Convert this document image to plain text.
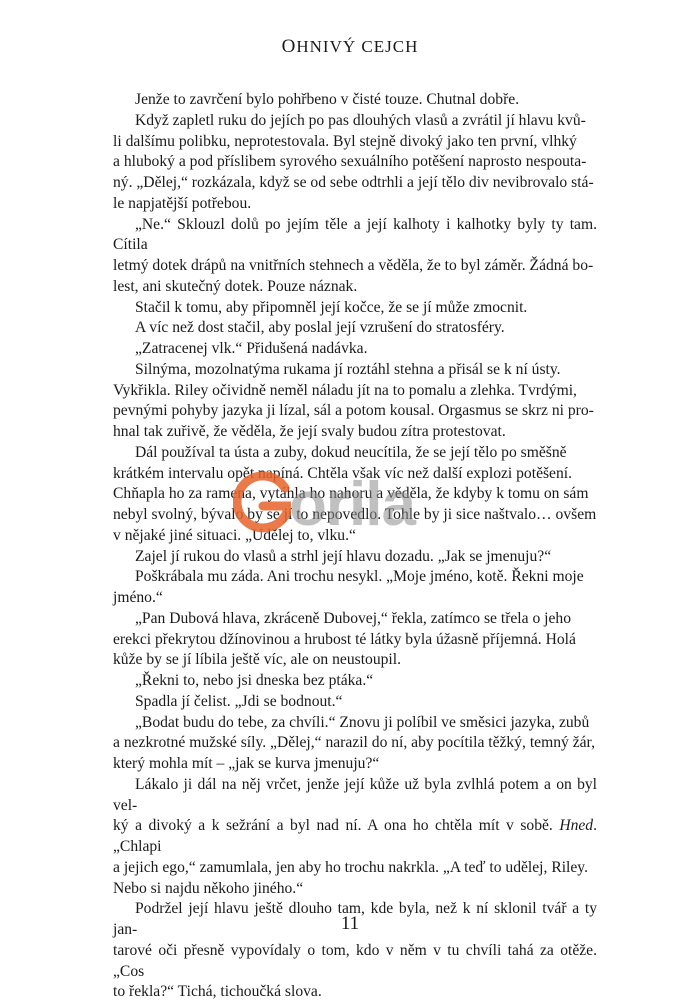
OHNIVÝ CEJCH

Jenže to zavrčení bylo pohřbeno v čisté touze. Chutnal dobře.

Když zapletl ruku do jejích po pas dlouhých vlasů a zvrátil jí hlavu kvů-
li dalšímu polibku, neprotestovala. Byl stejně divoký jako ten první, vlhký
a hluboký a pod příslibem syrového sexuálního potěšení naprosto nespouta-
ný. „Dělej,“ rozkázala, když se od sebe odtrhli a její tělo div nevibrovalo stá-
le napjatější potřebou.

„Ne.“ Sklouzl dolů po jejím těle a její kalhoty i kalhotky byly ty tam. Cítila
letmý dotek drápů na vnitřních stehnech a věděla, že to byl záměr. Žádná bo-
lest, ani skutečný dotek. Pouze náznak.

Stačil k tomu, aby připomněl její kočce, že se jí může zmocnit.

A víc než dost stačil, aby poslal její vzrušení do stratosféry.

„Zatracenej vlk.“ Přidušená nadávka.

Silnýma, mozolnatýma rukama jí roztáhl stehna a přisál se k ní ústy.
Vykřikla. Riley očividně neměl náladu jít na to pomalu a zlehka. Tvrdými,
pevnými pohyby jazyka ji lízal, sál a potom kousal. Orgasmus se skrz ni pro-
hnal tak zuřivě, že věděla, že její svaly budou zítra protestovat.

Dál používal ta ústa a zuby, dokud neucítila, že se její tělo po směšně
krátkém intervalu opět napíná. Chtěla však víc než další explozi potěšení.
Chňapla ho za ramena, vytáhla ho nahoru a věděla, že kdyby k tomu on sám
nebyl svolný, bývalo by se jí to nepovedlo. Tohle by ji sice naštvalo… ovšem
v nějaké jiné situaci. „Udělej to, vlku.“

Zajel jí rukou do vlasů a strhl její hlavu dozadu. „Jak se jmenuju?“

Poškrábala mu záda. Ani trochu nesykl. „Moje jméno, kotě. Řekni moje
jméno.“

„Pan Dubová hlava, zkráceně Dubovej,“ řekla, zatímco se třela o jeho
erekci překrytou džínovinou a hrubost té látky byla úžasně příjemná. Holá
kůže by se jí líbila ještě víc, ale on neustoupil.

„Řekni to, nebo jsi dneska bez ptáka.“

Spadla jí čelist. „Jdi se bodnout.“

„Bodat budu do tebe, za chvíli.“ Znovu ji políbil ve směsici jazyka, zubů
a nezkrotné mužské síly. „Dělej,“ narazil do ní, aby pocítila těžký, temný žár,
který mohla mít – „jak se kurva jmenuju?“

Lákalo ji dál na něj vrčet, jenže její kůže už byla zvlhlá potem a on byl vel-
ký a divoký a k sežrání a byl nad ní. A ona ho chtěla mít v sobě. Hned. „Chlapi
a jejich ego,“ zamumlala, jen aby ho trochu nakrkla. „A teď to udělej, Riley.
Nebo si najdu někoho jiného.“

Podržel její hlavu ještě dlouho tam, kde byla, než k ní sklonil tvář a ty jan-
tarové oči přesně vypovídaly o tom, kdo v něm v tu chvíli tahá za otěže. „Cos
to řekla?“ Tichá, tichoučká slova.

11
orila
